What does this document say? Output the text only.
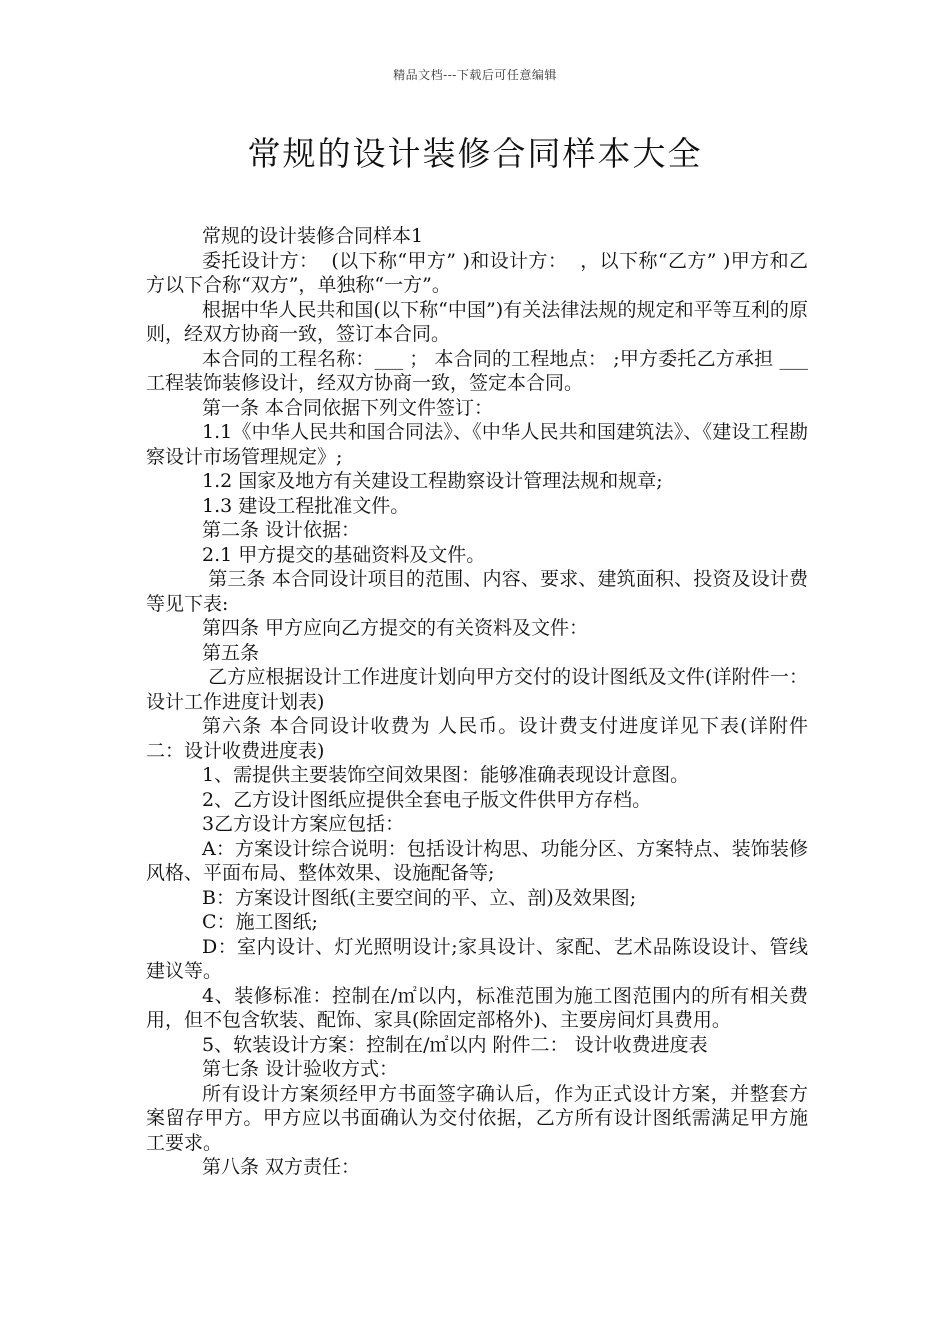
精品文档---下载后可任意编辑
常规的设计装修合同样本大全

常规的设计装修合同样本1

委托设计方：  (以下称“甲方” )和设计方：  ，以下称“乙方” )甲方和乙方以下合称“双方”，单独称“一方”。

根据中华人民共和国(以下称“中国”)有关法律法规的规定和平等互利的原则，经双方协商一致，签订本合同。

本合同的工程名称：___ ； 本合同的工程地点： ;甲方委托乙方承担 ___工程装饰装修设计，经双方协商一致，签定本合同。

第一条 本合同依据下列文件签订：

1.1《中华人民共和国合同法》、《中华人民共和国建筑法》、《建设工程勘察设计市场管理规定》;

1.2 国家及地方有关建设工程勘察设计管理法规和规章;

1.3 建设工程批准文件。

第二条 设计依据：

2.1 甲方提交的基础资料及文件。

第三条 本合同设计项目的范围、内容、要求、建筑面积、投资及设计费等见下表:

第四条 甲方应向乙方提交的有关资料及文件：

第五条

乙方应根据设计工作进度计划向甲方交付的设计图纸及文件(详附件一：设计工作进度计划表)

第六条 本合同设计收费为 人民币。设计费支付进度详见下表(详附件二：设计收费进度表)

1、需提供主要装饰空间效果图：能够准确表现设计意图。

2、乙方设计图纸应提供全套电子版文件供甲方存档。

3乙方设计方案应包括：

A：方案设计综合说明：包括设计构思、功能分区、方案特点、装饰装修风格、平面布局、整体效果、设施配备等;

B：方案设计图纸(主要空间的平、立、剖)及效果图;

C：施工图纸;

D：室内设计、灯光照明设计;家具设计、家配、艺术品陈设设计、管线建议等。

4、装修标准：控制在/㎡以内，标准范围为施工图范围内的所有相关费用，但不包含软装、配饰、家具(除固定部格外)、主要房间灯具费用。

5、软装设计方案：控制在/㎡以内 附件二： 设计收费进度表

第七条 设计验收方式：

所有设计方案须经甲方书面签字确认后，作为正式设计方案，并整套方案留存甲方。甲方应以书面确认为交付依据，乙方所有设计图纸需满足甲方施工要求。

第八条 双方责任：
